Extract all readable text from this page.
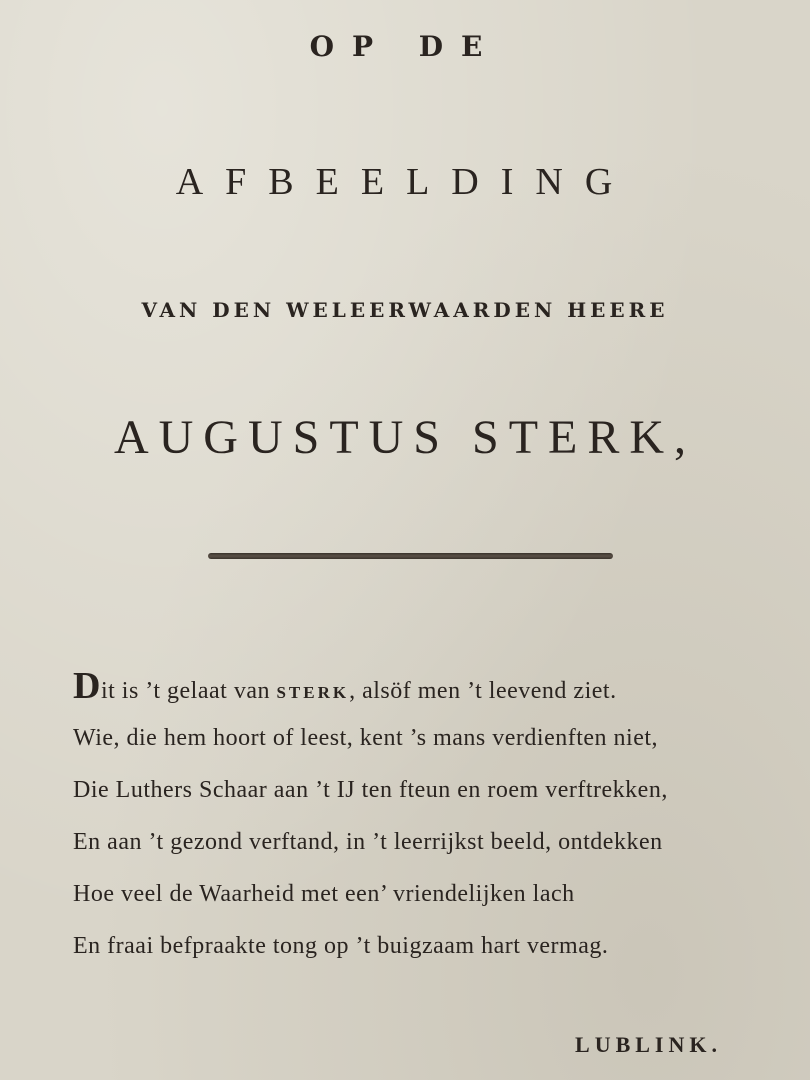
OP DE
AFBEELDING
VAN DEN WELEERWAARDEN HEERE
AUGUSTUS STERK,
Dit is ’t gelaat van STERK, alsöf men ’t leevend ziet.
Wie, die hem hoort of leest, kent ’s mans verdienften niet,
Die Luthers Schaar aan ’t IJ ten fteun en roem verftrekken,
En aan ’t gezond verftand, in ’t leerrijkst beeld, ontdekken
Hoe veel de Waarheid met een’ vriendelijken lach
En fraai befpraakte tong op ’t buigzaam hart vermag.
LUBLINK.
